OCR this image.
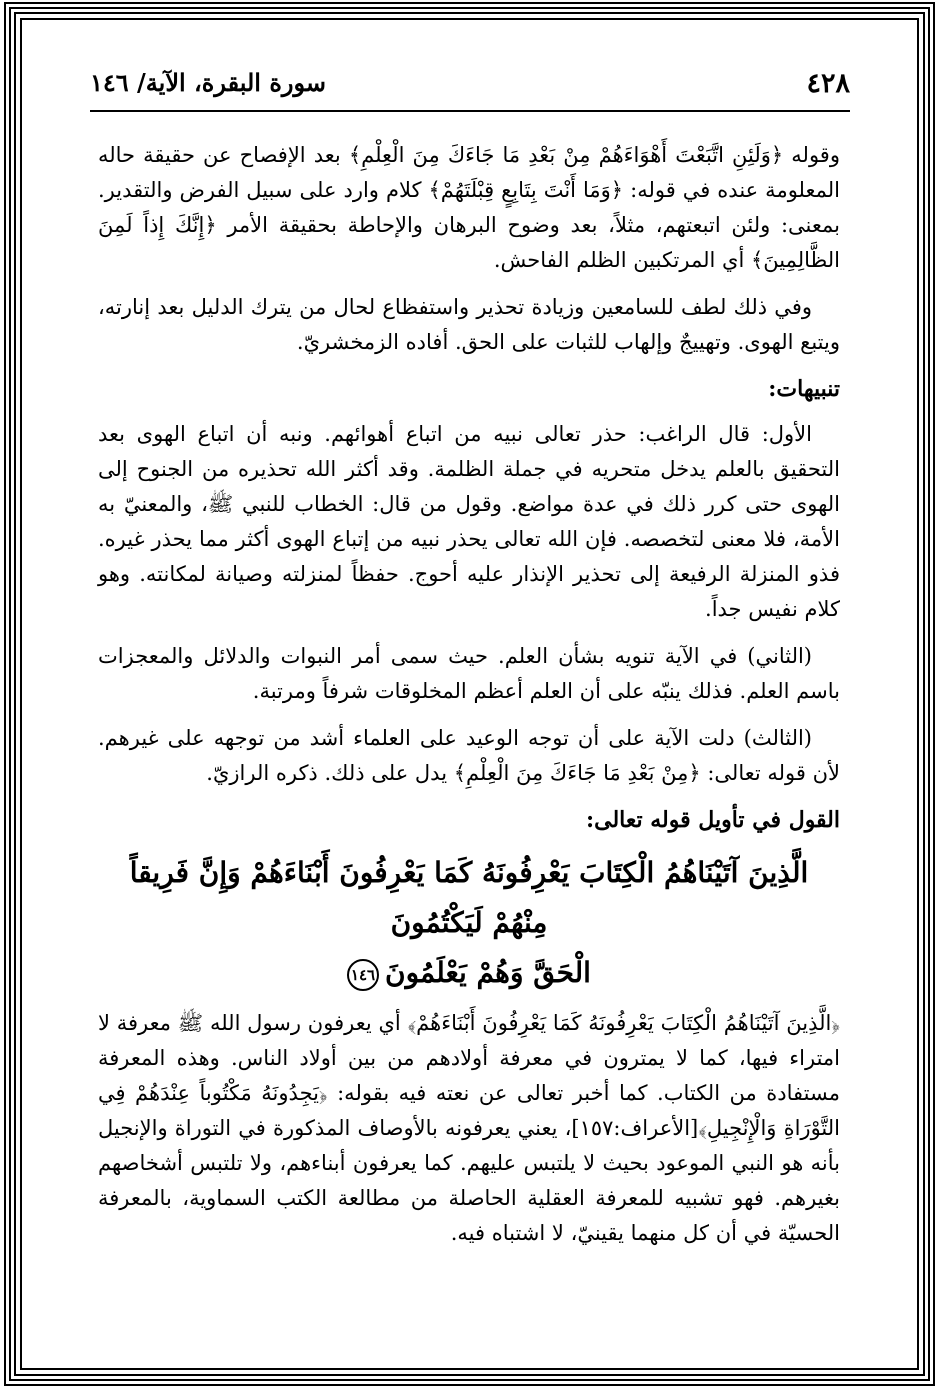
٤٢٨
سورة البقرة، الآية/ ١٤٦

وقوله ﴿وَلَئِنِ اتَّبَعْتَ أَهْوَاءَهُمْ مِنْ بَعْدِ مَا جَاءَكَ مِنَ الْعِلْمِ﴾ بعد الإفصاح عن حقيقة حاله المعلومة عنده في قوله: ﴿وَمَا أَنْتَ بِتَابِعٍ قِبْلَتَهُمْ﴾ كلام وارد على سبيل الفرض والتقدير. بمعنى: ولئن اتبعتهم، مثلاً، بعد وضوح البرهان والإحاطة بحقيقة الأمر ﴿إِنَّكَ إِذاً لَمِنَ الظَّالِمِينَ﴾ أي المرتكبين الظلم الفاحش.

وفي ذلك لطف للسامعين وزيادة تحذير واستفظاع لحال من يترك الدليل بعد إنارته، ويتبع الهوى. وتهييجٌ وإلهاب للثبات على الحق. أفاده الزمخشريّ.

تنبيهات:

الأول: قال الراغب: حذر تعالى نبيه من اتباع أهوائهم. ونبه أن اتباع الهوى بعد التحقيق بالعلم يدخل متحريه في جملة الظلمة. وقد أكثر الله تحذيره من الجنوح إلى الهوى حتى كرر ذلك في عدة مواضع. وقول من قال: الخطاب للنبي ﷺ، والمعنيّ به الأمة، فلا معنى لتخصصه. فإن الله تعالى يحذر نبيه من إتباع الهوى أكثر مما يحذر غيره. فذو المنزلة الرفيعة إلى تحذير الإنذار عليه أحوج. حفظاً لمنزلته وصيانة لمكانته. وهو كلام نفيس جداً.

(الثاني) في الآية تنويه بشأن العلم. حيث سمى أمر النبوات والدلائل والمعجزات باسم العلم. فذلك ينبّه على أن العلم أعظم المخلوقات شرفاً ومرتبة.

(الثالث) دلت الآية على أن توجه الوعيد على العلماء أشد من توجهه على غيرهم. لأن قوله تعالى: ﴿مِنْ بَعْدِ مَا جَاءَكَ مِنَ الْعِلْمِ﴾ يدل على ذلك. ذكره الرازيّ.

القول في تأويل قوله تعالى:

الَّذِينَ آتَيْنَاهُمُ الْكِتَابَ يَعْرِفُونَهُ كَمَا يَعْرِفُونَ أَبْنَاءَهُمْ وَإِنَّ فَرِيقاً مِنْهُمْ لَيَكْتُمُونَ
الْحَقَّ وَهُمْ يَعْلَمُونَ١٤٦

﴿الَّذِينَ آتَيْنَاهُمُ الْكِتَابَ يَعْرِفُونَهُ كَمَا يَعْرِفُونَ أَبْنَاءَهُمْ﴾ أي يعرفون رسول الله ﷺ معرفة لا امتراء فيها، كما لا يمترون في معرفة أولادهم من بين أولاد الناس. وهذه المعرفة مستفادة من الكتاب. كما أخبر تعالى عن نعته فيه بقوله: ﴿يَجِدُونَهُ مَكْتُوباً عِنْدَهُمْ فِي التَّوْرَاةِ وَالْإِنْجِيلِ﴾[الأعراف:١٥٧]، يعني يعرفونه بالأوصاف المذكورة في التوراة والإنجيل بأنه هو النبي الموعود بحيث لا يلتبس عليهم. كما يعرفون أبناءهم، ولا تلتبس أشخاصهم بغيرهم. فهو تشبيه للمعرفة العقلية الحاصلة من مطالعة الكتب السماوية، بالمعرفة الحسيّة في أن كل منهما يقينيّ، لا اشتباه فيه.
